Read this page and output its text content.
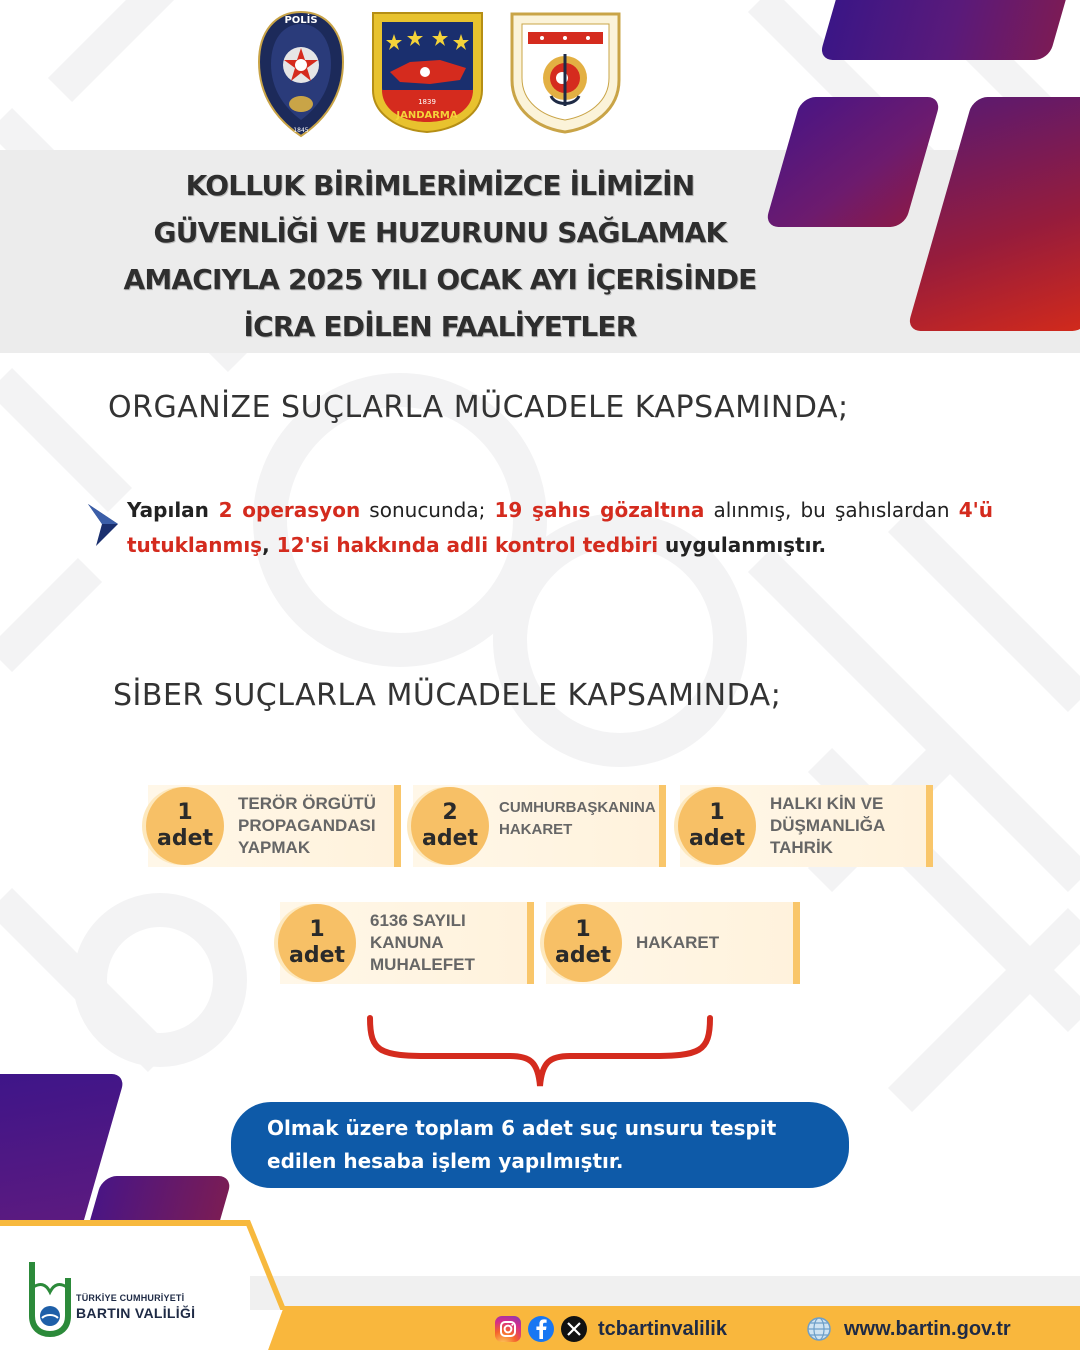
KOLLUK BİRİMLERİMİZCE İLİMİZİN
GÜVENLİĞİ VE HUZURUNU SAĞLAMAK
AMACIYLA 2025 YILI OCAK AYI İÇERİSİNDE
İCRA EDİLEN FAALİYETLER
POLİS
1845
1839
JANDARMA
ORGANİZE SUÇLARLA MÜCADELE KAPSAMINDA;
Yapılan 2 operasyon sonucunda; 19 şahıs gözaltına alınmış, bu şahıslardan 4'ü tutuklanmış, 12'si hakkında adli kontrol tedbiri uygulanmıştır.
SİBER SUÇLARLA MÜCADELE KAPSAMINDA;
1
adet
TERÖR ÖRGÜTÜ
PROPAGANDASI
YAPMAK
2
adet
CUMHURBAŞKANINA
HAKARET
1
adet
HALKI KİN VE
DÜŞMANLIĞA
TAHRİK
1
adet
6136 SAYILI
KANUNA
MUHALEFET
1
adet
HAKARET
Olmak üzere toplam 6 adet suç unsuru tespit
edilen hesaba işlem yapılmıştır.
TÜRKİYE CUMHURİYETİ
BARTIN VALİLİĞİ
tcbartinvalilik	www.bartin.gov.tr
